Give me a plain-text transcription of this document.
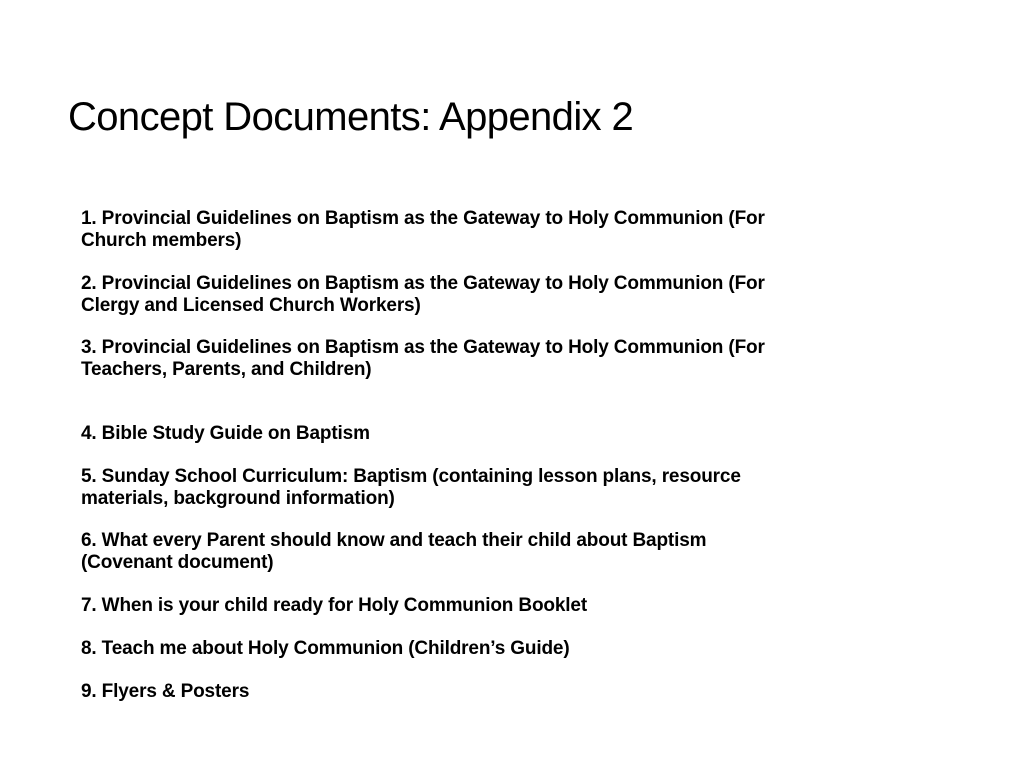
Concept Documents: Appendix 2
1. Provincial Guidelines on Baptism as the Gateway to Holy Communion (For
Church members)
2. Provincial Guidelines on Baptism as the Gateway to Holy Communion (For
Clergy and Licensed Church Workers)
3. Provincial Guidelines on Baptism as the Gateway to Holy Communion (For
Teachers, Parents, and Children)
4. Bible Study Guide on Baptism
5. Sunday School Curriculum: Baptism (containing lesson plans, resource
materials, background information)
6. What every Parent should know and teach their child about Baptism
(Covenant document)
7. When is your child ready for Holy Communion Booklet
8. Teach me about Holy Communion (Children’s Guide)
9. Flyers & Posters
